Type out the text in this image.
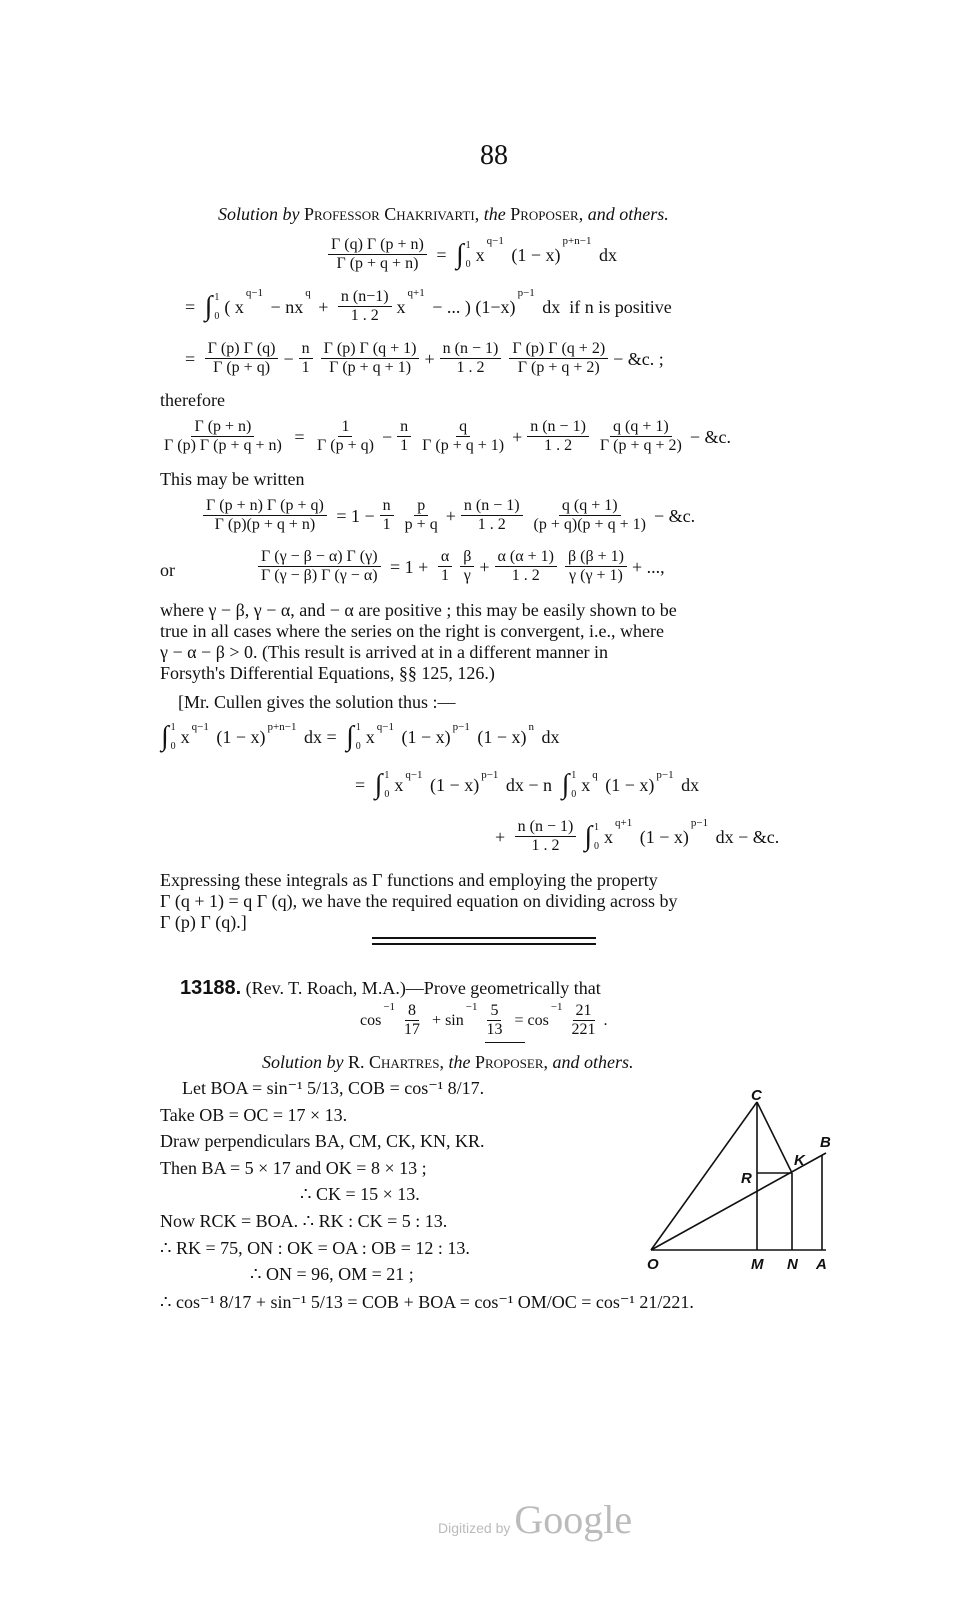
88
Solution by Professor Chakrivarti, the Proposer, and others.
$\frac{\Gamma (q) \Gamma (p + n)}{\Gamma (p + q + n)}$ = ∫ 1
0 x
q−1
(1 − x)
p+n−1
dx
= ∫ 1
0 ( x
q−1
− nx
q
+ $\frac{n (n-1)}{1 . 2}$ x
q+1
− ... ) (1−x)
p−1
dx  if n is positive
= $\frac{\Gamma (p) \Gamma (q)}{\Gamma (p + q)} - \frac{n}{1} \frac{\Gamma (p) \Gamma (q + 1)}{\Gamma (p + q + 1)} + \frac{n (n - 1)}{1 . 2} \frac{\Gamma (p) \Gamma (q + 2)}{\Gamma (p + q + 2)}$ − &c. ;
therefore
$\frac{\Gamma (p + n)}{\Gamma (p) \Gamma (p + q + n)} = \frac{1}{\Gamma (p + q)} - \frac{n}{1} \frac{q}{\Gamma (p + q + 1)} + \frac{n (n - 1)}{1 . 2} \frac{q (q + 1)}{\Gamma (p + q + 2)}$ − &c.
This may be written
$\frac{\Gamma (p + n) \Gamma (p + q)}{\Gamma (p)(p + q + n)} = 1 - \frac{n}{1} \frac{p}{p + q} + \frac{n (n - 1)}{1 . 2} \frac{q (q + 1)}{(p + q)(p + q + 1)}$ − &c.
or	$\frac{\Gamma (\gamma - \beta - \alpha) \Gamma (\gamma)}{\Gamma (\gamma - \beta) \Gamma (\gamma - \alpha)} = 1 + \frac{\alpha}{1} \frac{\beta}{\gamma} + \frac{\alpha (\alpha + 1)}{1 . 2} \frac{\beta (\beta + 1)}{\gamma (\gamma + 1)}$ + ...,
where γ − β, γ − α, and − α are positive ; this may be easily shown to be
true in all cases where the series on the right is convergent, i.e., where
γ − α − β > 0. (This result is arrived at in a different manner in
Forsyth's Differential Equations, §§ 125, 126.)
[Mr. Cullen gives the solution thus :—
∫ 1
0 x q−1 (1 − x) p+n−1 dx = ∫ 1
0 x q−1 (1 − x) p−1 (1 − x) n dx
= ∫ 1
0 x q−1 (1 − x) p−1 dx − n ∫ 1
0 x q (1 − x) p−1 dx
+ $\frac{n (n - 1)}{1 . 2}$ ∫ 1
0 x
q+1
(1 − x)
p−1
dx − &c.
Expressing these integrals as Γ functions and employing the property
Γ (q + 1) = q Γ (q), we have the required equation on dividing across by
Γ (p) Γ (q).]
13188. (Rev. T. Roach, M.A.)—Prove geometrically that
cos
$-1 \frac{8}{17} + \sin$
$-1 \frac{5}{13} = \cos$
$-1 \frac{21}{221}$ .
Solution by R. Chartres, the Proposer, and others.
Let BOA = sin⁻¹ 5/13, COB = cos⁻¹ 8/17.
Take OB = OC = 17 × 13.
Draw perpendiculars BA, CM, CK, KN, KR.
Then BA = 5 × 17 and OK = 8 × 13 ;
∴ CK = 15 × 13.
Now RCK = BOA. ∴ RK : CK = 5 : 13.
∴ RK = 75, ON : OK = OA : OB = 12 : 13.
∴ ON = 96, OM = 21 ;
∴ cos⁻¹ 8/17 + sin⁻¹ 5/13 = COB + BOA = cos⁻¹ OM/OC = cos⁻¹ 21/221.
C
B
K
R
O	M N A
Digitized by Google
